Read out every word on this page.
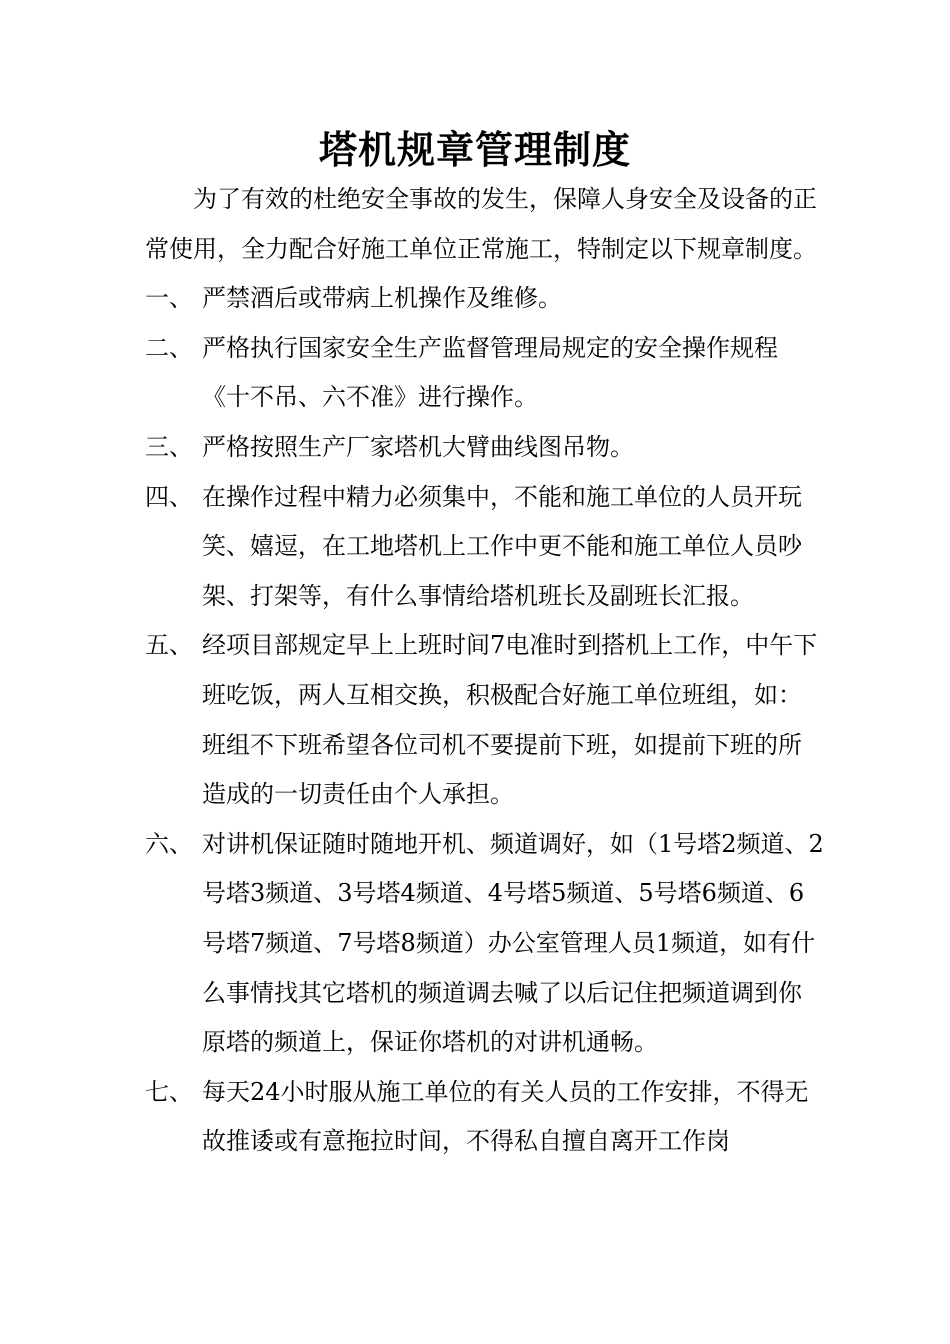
塔机规章管理制度

为了有效的杜绝安全事故的发生，保障人身安全及设备的正常使用，全力配合好施工单位正常施工，特制定以下规章制度。

一、 严禁酒后或带病上机操作及维修。
二、 严格执行国家安全生产监督管理局规定的安全操作规程《十不吊、六不准》进行操作。
三、 严格按照生产厂家塔机大臂曲线图吊物。
四、 在操作过程中精力必须集中，不能和施工单位的人员开玩笑、嬉逗，在工地塔机上工作中更不能和施工单位人员吵架、打架等，有什么事情给塔机班长及副班长汇报。
五、 经项目部规定早上上班时间7电准时到搭机上工作，中午下班吃饭，两人互相交换，积极配合好施工单位班组，如：班组不下班希望各位司机不要提前下班，如提前下班的所造成的一切责任由个人承担。
六、 对讲机保证随时随地开机、频道调好，如（1号塔2频道、2号塔3频道、3号塔4频道、4号塔5频道、5号塔6频道、6号塔7频道、7号塔8频道）办公室管理人员1频道，如有什么事情找其它塔机的频道调去喊了以后记住把频道调到你原塔的频道上，保证你塔机的对讲机通畅。
七、 每天24小时服从施工单位的有关人员的工作安排，不得无故推诿或有意拖拉时间，不得私自擅自离开工作岗
